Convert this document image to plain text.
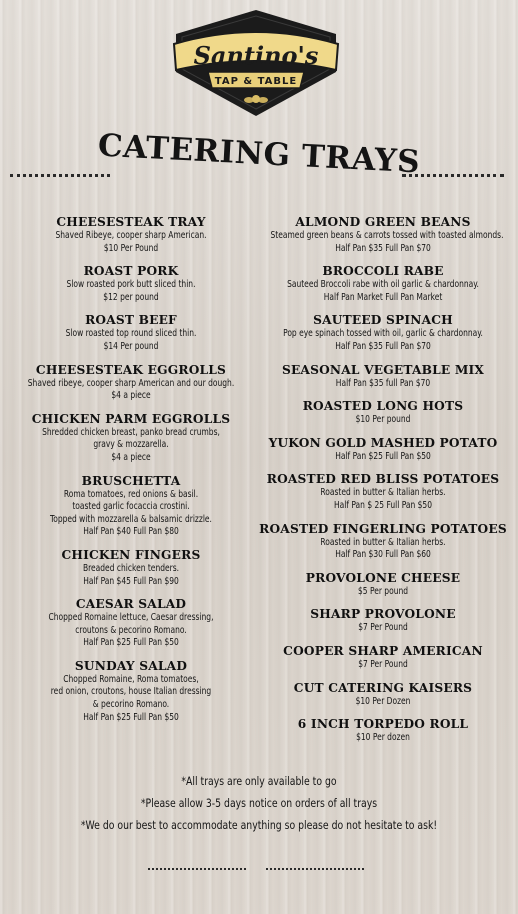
Santino's
TAP & TABLE
CATERING TRAYS
CHEESESTEAK TRAY
Shaved Ribeye, cooper sharp American.
$10 Per Pound
ROAST PORK
Slow roasted pork butt sliced thin.
$12 per pound
ROAST BEEF
Slow roasted top round sliced thin.
$14 Per pound
CHEESESTEAK EGGROLLS
Shaved ribeye, cooper sharp American and our dough.
$4 a piece
CHICKEN PARM EGGROLLS
Shredded chicken breast, panko bread crumbs,
gravy & mozzarella.
$4 a piece
BRUSCHETTA
Roma tomatoes, red onions & basil.
toasted garlic focaccia crostini.
Topped with mozzarella & balsamic drizzle.
Half Pan $40 Full Pan $80
CHICKEN FINGERS
Breaded chicken tenders.
Half Pan $45 Full Pan $90
CAESAR SALAD
Chopped Romaine lettuce, Caesar dressing,
croutons & pecorino Romano.
Half Pan $25 Full Pan $50
SUNDAY SALAD
Chopped Romaine, Roma tomatoes,
red onion, croutons, house Italian dressing
& pecorino Romano.
Half Pan $25 Full Pan $50
ALMOND GREEN BEANS
Steamed green beans & carrots tossed with toasted almonds.
Half Pan $35 Full Pan $70
BROCCOLI RABE
Sauteed Broccoli rabe with oil garlic & chardonnay.
Half Pan Market Full Pan Market
SAUTEED SPINACH
Pop eye spinach tossed with oil, garlic & chardonnay.
Half Pan $35 Full Pan $70
SEASONAL VEGETABLE MIX
Half Pan $35 full Pan $70
ROASTED LONG HOTS
$10 Per pound
YUKON GOLD MASHED POTATO
Half Pan $25 Full Pan $50
ROASTED RED BLISS POTATOES
Roasted in butter & Italian herbs.
Half Pan $ 25 Full Pan $50
ROASTED FINGERLING POTATOES
Roasted in butter & Italian herbs.
Half Pan $30 Full Pan $60
PROVOLONE CHEESE
$5 Per pound
SHARP PROVOLONE
$7 Per Pound
COOPER SHARP AMERICAN
$7 Per Pound
CUT CATERING KAISERS
$10 Per Dozen
6 INCH TORPEDO ROLL
$10 Per dozen
*All trays are only available to go
*Please allow 3-5 days notice on orders of all trays
*We do our best to accommodate anything so please do not hesitate to ask!
